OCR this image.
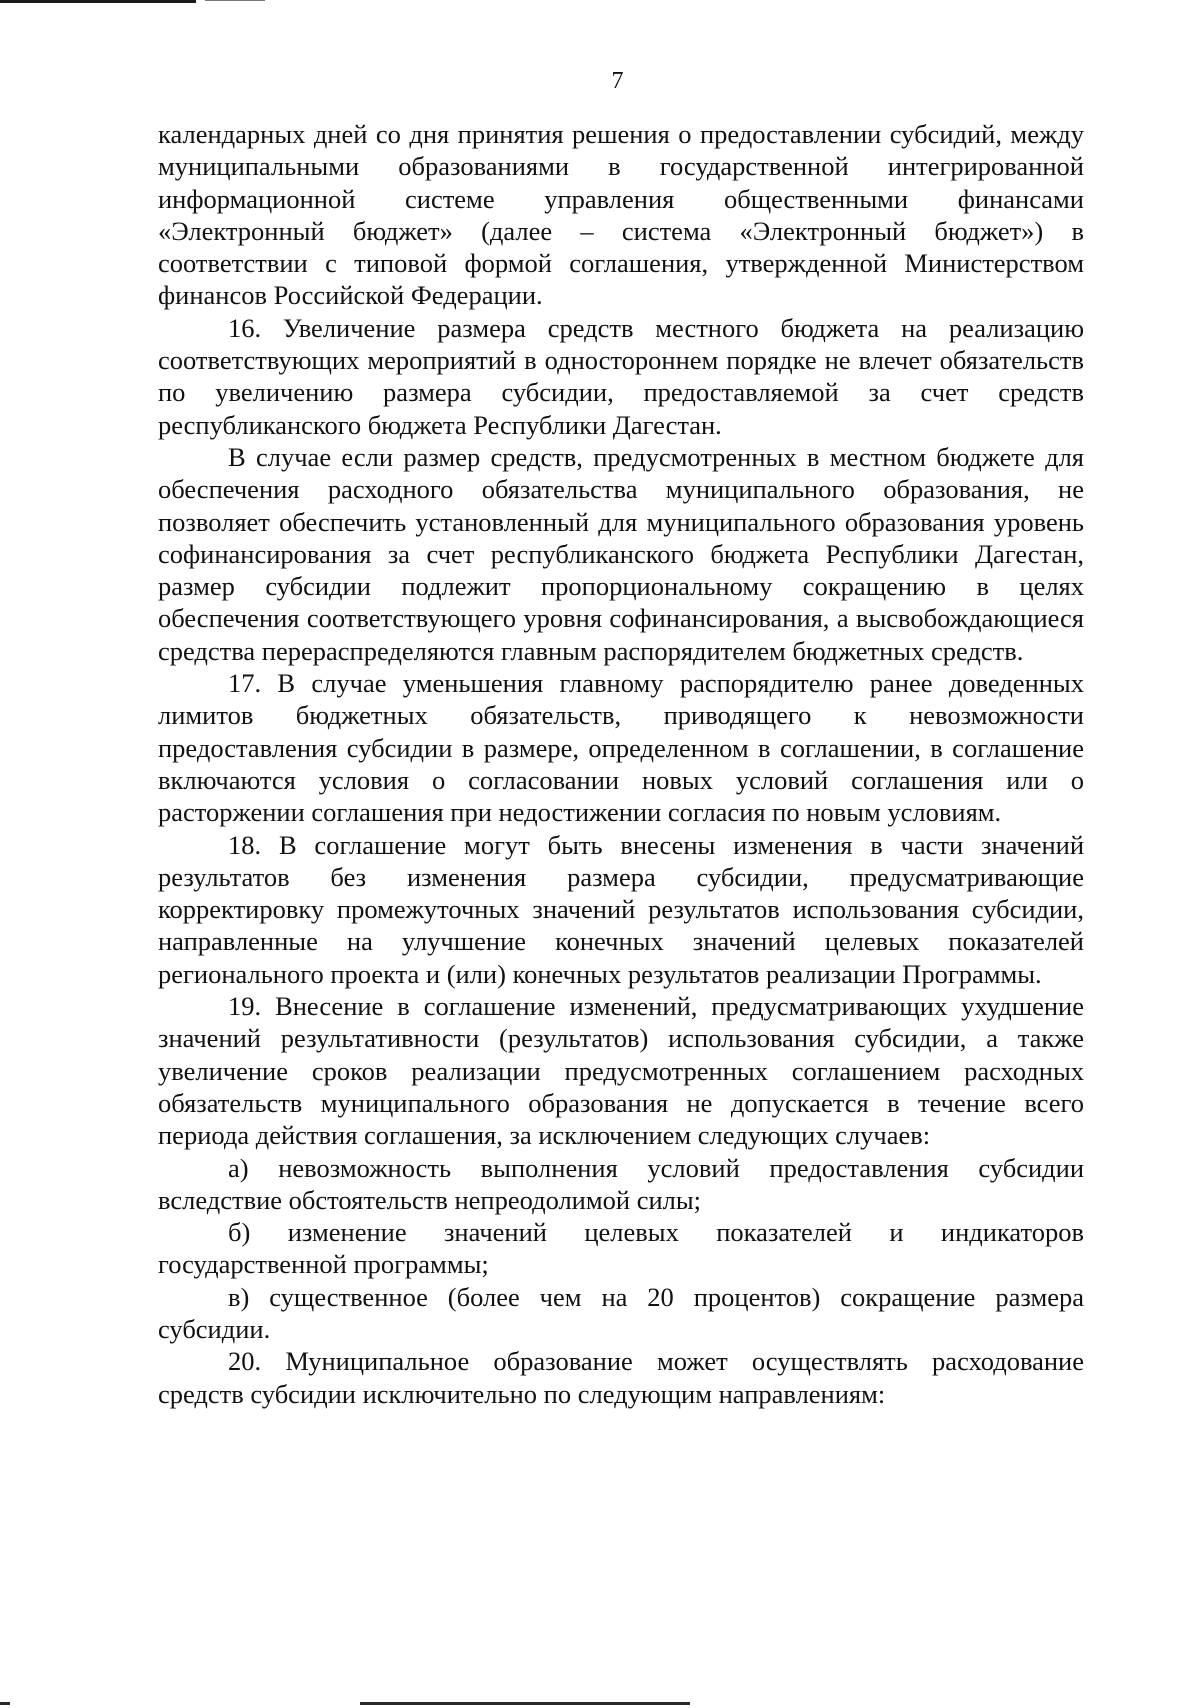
7

календарных дней со дня принятия решения о предоставлении субсидий, между муниципальными образованиями в государственной интегрированной информационной системе управления общественными финансами «Электронный бюджет» (далее – система «Электронный бюджет») в соответствии с типовой формой соглашения, утвержденной Министерством финансов Российской Федерации.

16. Увеличение размера средств местного бюджета на реализацию соответствующих мероприятий в одностороннем порядке не влечет обязательств по увеличению размера субсидии, предоставляемой за счет средств республиканского бюджета Республики Дагестан.

В случае если размер средств, предусмотренных в местном бюджете для обеспечения расходного обязательства муниципального образования, не позволяет обеспечить установленный для муниципального образования уровень софинансирования за счет республиканского бюджета Республики Дагестан, размер субсидии подлежит пропорциональному сокращению в целях обеспечения соответствующего уровня софинансирования, а высвобождающиеся средства перераспределяются главным распорядителем бюджетных средств.

17. В случае уменьшения главному распорядителю ранее доведенных лимитов бюджетных обязательств, приводящего к невозможности предоставления субсидии в размере, определенном в соглашении, в соглашение включаются условия о согласовании новых условий соглашения или о расторжении соглашения при недостижении согласия по новым условиям.

18. В соглашение могут быть внесены изменения в части значений результатов без изменения размера субсидии, предусматривающие корректировку промежуточных значений результатов использования субсидии, направленные на улучшение конечных значений целевых показателей регионального проекта и (или) конечных результатов реализации Программы.

19. Внесение в соглашение изменений, предусматривающих ухудшение значений результативности (результатов) использования субсидии, а также увеличение сроков реализации предусмотренных соглашением расходных обязательств муниципального образования не допускается в течение всего периода действия соглашения, за исключением следующих случаев:

а) невозможность выполнения условий предоставления субсидии вследствие обстоятельств непреодолимой силы;

б) изменение значений целевых показателей и индикаторов государственной программы;

в) существенное (более чем на 20 процентов) сокращение размера субсидии.

20. Муниципальное образование может осуществлять расходование средств субсидии исключительно по следующим направлениям:
